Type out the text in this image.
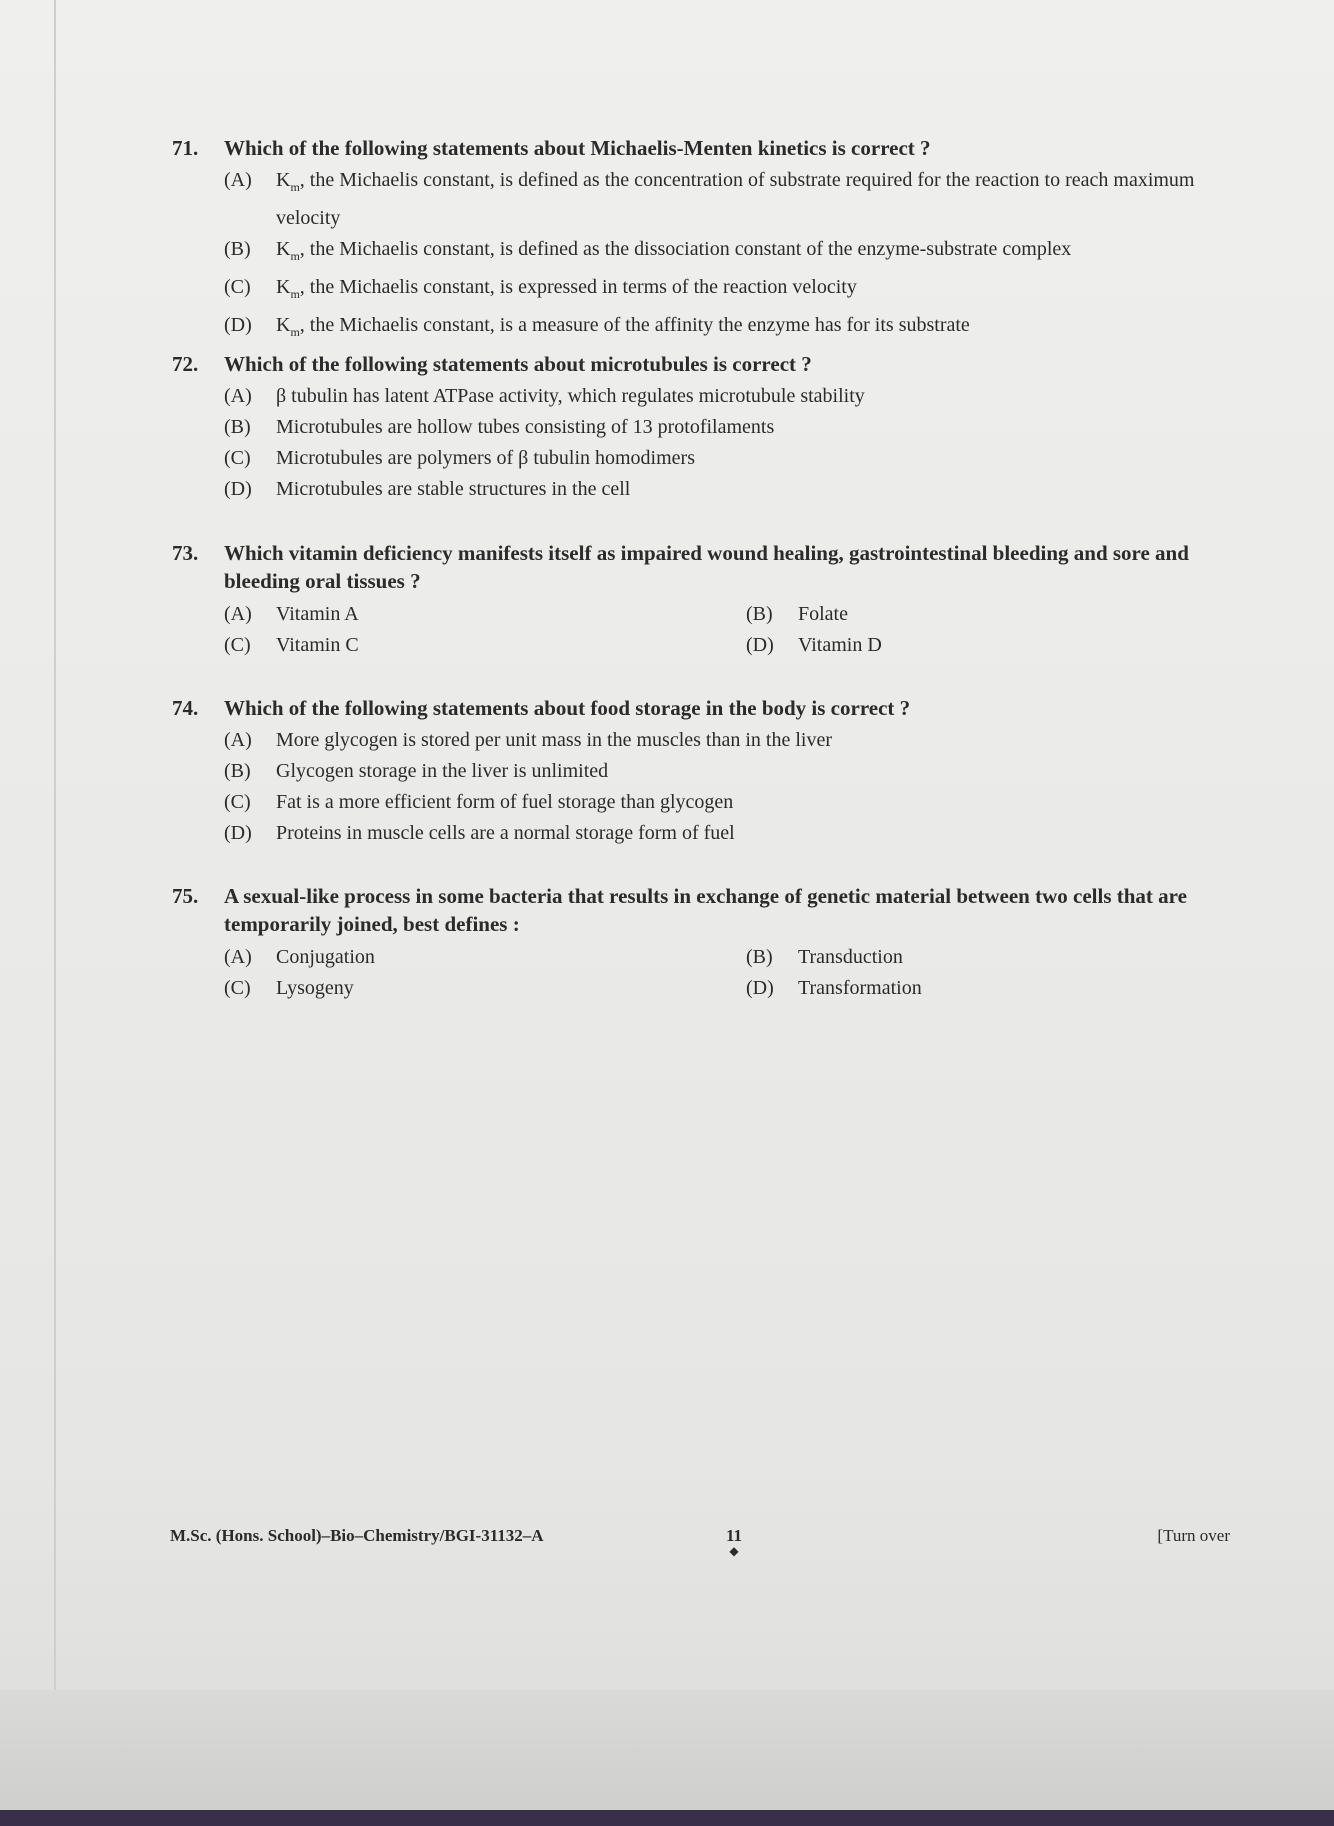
71. Which of the following statements about Michaelis-Menten kinetics is correct ?
(A)	$K_m$, the Michaelis constant, is defined as the concentration of substrate required for the reaction to reach maximum velocity
(B)	$K_m$, the Michaelis constant, is defined as the dissociation constant of the enzyme-substrate complex
(C)	$K_m$, the Michaelis constant, is expressed in terms of the reaction velocity
(D)	$K_m$, the Michaelis constant, is a measure of the affinity the enzyme has for its substrate
72. Which of the following statements about microtubules is correct ?
(A)	β tubulin has latent ATPase activity, which regulates microtubule stability
(B)	Microtubules are hollow tubes consisting of 13 protofilaments
(C)	Microtubules are polymers of β tubulin homodimers
(D)	Microtubules are stable structures in the cell
73. Which vitamin deficiency manifests itself as impaired wound healing, gastrointestinal bleeding and sore and bleeding oral tissues ?
(A)	Vitamin A	(B)	Folate
(C)	Vitamin C	(D)	Vitamin D
74. Which of the following statements about food storage in the body is correct ?
(A)	More glycogen is stored per unit mass in the muscles than in the liver
(B)	Glycogen storage in the liver is unlimited
(C)	Fat is a more efficient form of fuel storage than glycogen
(D)	Proteins in muscle cells are a normal storage form of fuel
75. A sexual-like process in some bacteria that results in exchange of genetic material between two cells that are temporarily joined, best defines :
(A)	Conjugation	(B)	Transduction
(C)	Lysogeny	(D)	Transformation
M.Sc. (Hons. School)–Bio–Chemistry/BGI-31132–A	11
◆
[Turn over
